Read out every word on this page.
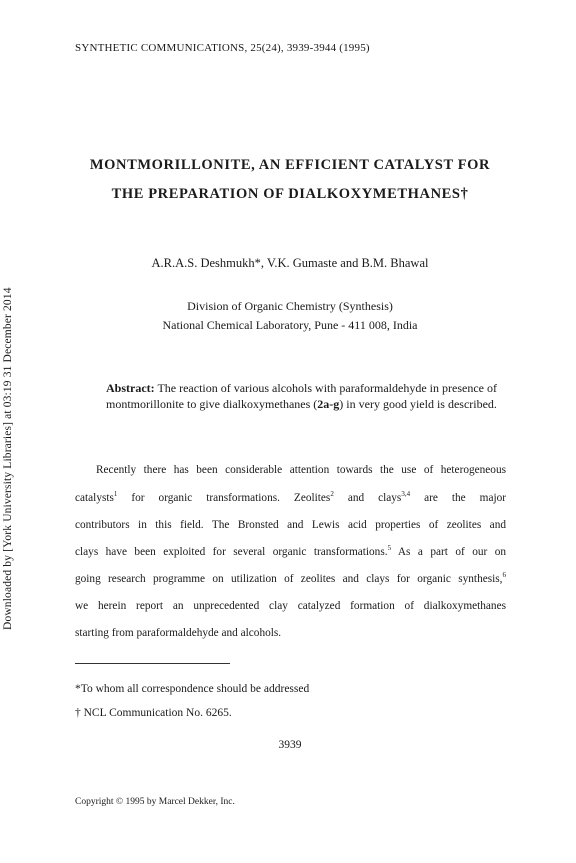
Downloaded by [York University Libraries] at 03:19 31 December 2014
SYNTHETIC COMMUNICATIONS, 25(24), 3939-3944 (1995)
MONTMORILLONITE, AN EFFICIENT CATALYST FOR
THE PREPARATION OF DIALKOXYMETHANES†
A.R.A.S. Deshmukh*, V.K. Gumaste and B.M. Bhawal
Division of Organic Chemistry (Synthesis)
National Chemical Laboratory, Pune - 411 008, India
Abstract: The reaction of various alcohols with paraformaldehyde in presence of montmorillonite to give dialkoxymethanes (2a-g) in very good yield is described.
Recently there has been considerable attention towards the use of heterogeneous
catalysts$^1$ for organic transformations. Zeolites$^2$ and clays$^{3,4}$ are the major
contributors in this field. The Bronsted and Lewis acid properties of zeolites and
clays have been exploited for several organic transformations.$^5$ As a part of our on
going research programme on utilization of zeolites and clays for organic synthesis,$^6$
we herein report an unprecedented clay catalyzed formation of dialkoxymethanes
starting from paraformaldehyde and alcohols.
*To whom all correspondence should be addressed
† NCL Communication No. 6265.
3939
Copyright © 1995 by Marcel Dekker, Inc.
